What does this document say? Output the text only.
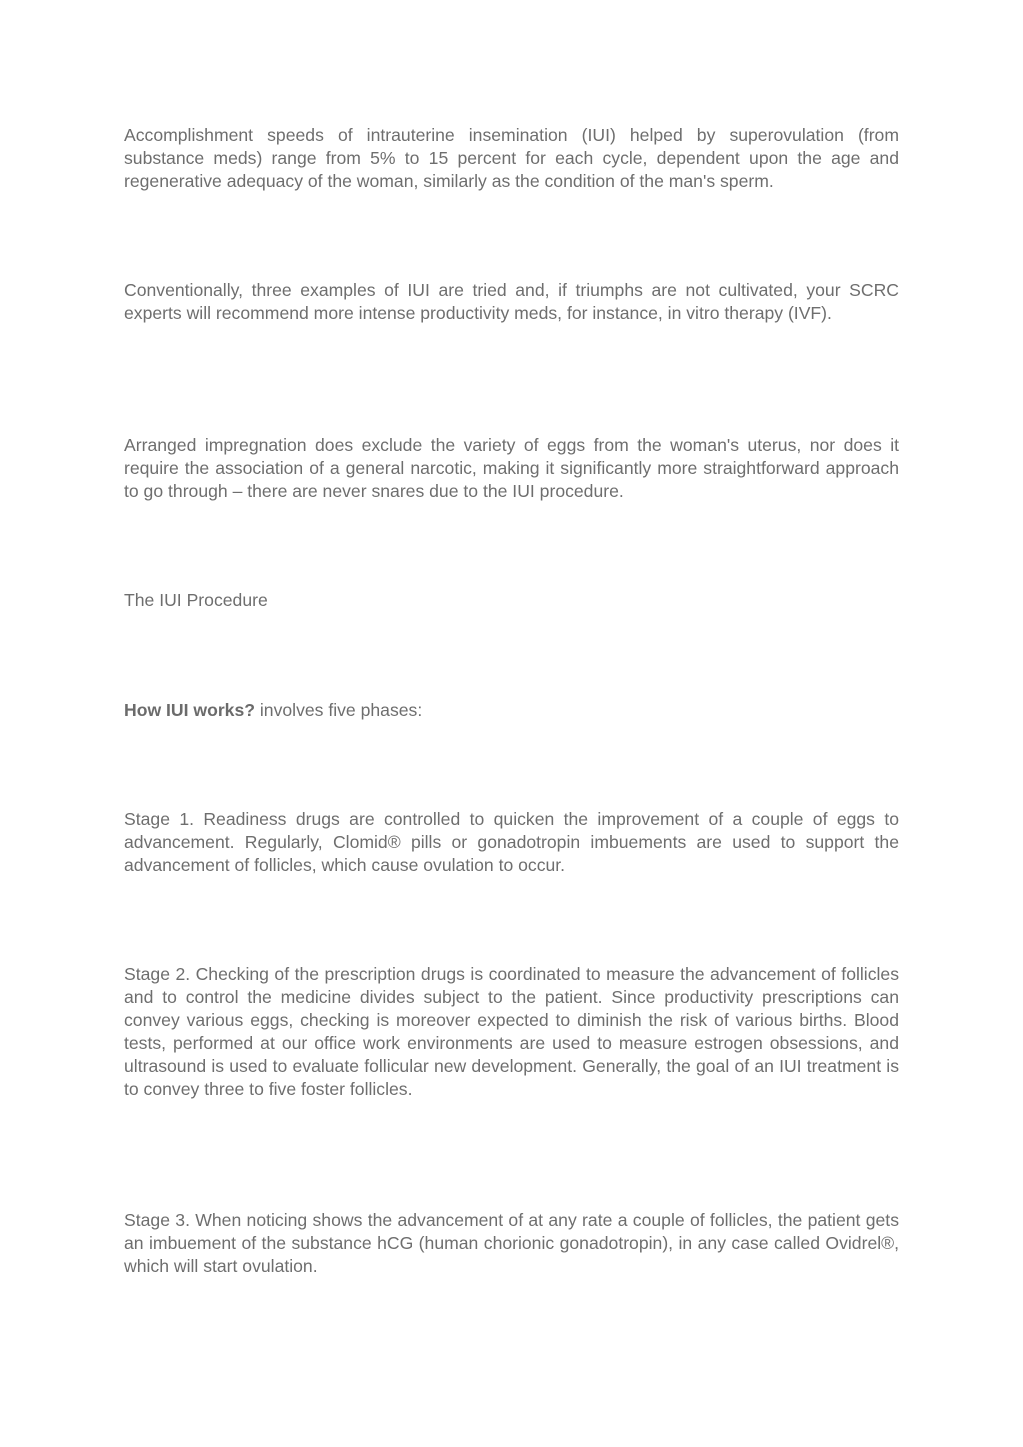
Accomplishment speeds of intrauterine insemination (IUI) helped by superovulation (from substance meds) range from 5% to 15 percent for each cycle, dependent upon the age and regenerative adequacy of the woman, similarly as the condition of the man's sperm.

Conventionally, three examples of IUI are tried and, if triumphs are not cultivated, your SCRC experts will recommend more intense productivity meds, for instance, in vitro therapy (IVF).

Arranged impregnation does exclude the variety of eggs from the woman's uterus, nor does it require the association of a general narcotic, making it significantly more straightforward approach to go through – there are never snares due to the IUI procedure.

The IUI Procedure

How IUI works? involves five phases:

Stage 1. Readiness drugs are controlled to quicken the improvement of a couple of eggs to advancement. Regularly, Clomid® pills or gonadotropin imbuements are used to support the advancement of follicles, which cause ovulation to occur.

Stage 2. Checking of the prescription drugs is coordinated to measure the advancement of follicles and to control the medicine divides subject to the patient. Since productivity prescriptions can convey various eggs, checking is moreover expected to diminish the risk of various births. Blood tests, performed at our office work environments are used to measure estrogen obsessions, and ultrasound is used to evaluate follicular new development. Generally, the goal of an IUI treatment is to convey three to five foster follicles.

Stage 3. When noticing shows the advancement of at any rate a couple of follicles, the patient gets an imbuement of the substance hCG (human chorionic gonadotropin), in any case called Ovidrel®, which will start ovulation.
